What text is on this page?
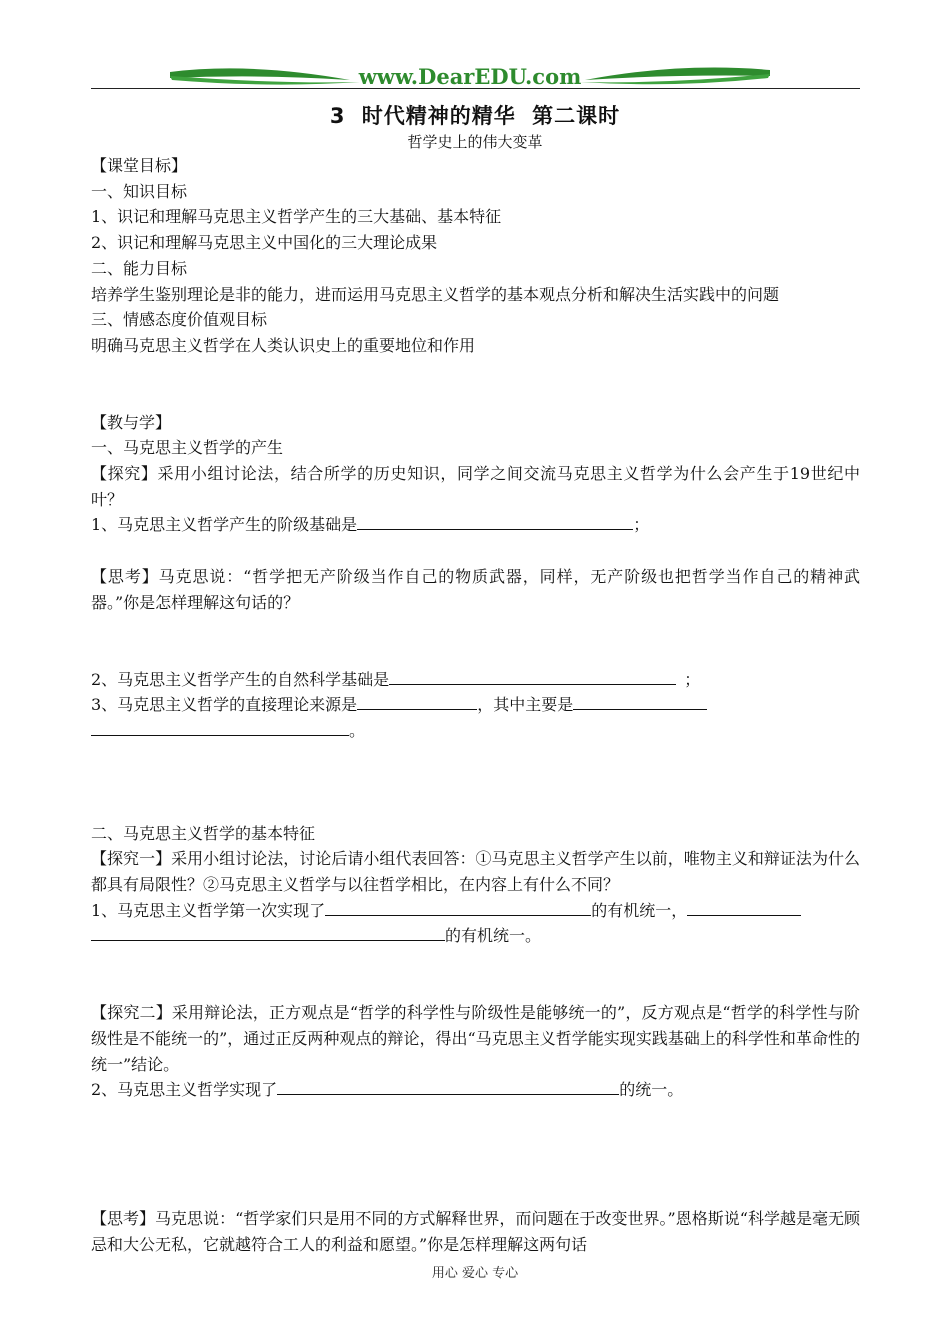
www.DearEDU.com
3 时代精神的精华 第二课时
哲学史上的伟大变革

【课堂目标】

一、知识目标

1、识记和理解马克思主义哲学产生的三大基础、基本特征

2、识记和理解马克思主义中国化的三大理论成果

二、能力目标

培养学生鉴别理论是非的能力，进而运用马克思主义哲学的基本观点分析和解决生活实践中的问题

三、情感态度价值观目标

明确马克思主义哲学在人类认识史上的重要地位和作用

【教与学】

一、马克思主义哲学的产生

【探究】采用小组讨论法，结合所学的历史知识，同学之间交流马克思主义哲学为什么会产生于19世纪中叶？

1、马克思主义哲学产生的阶级基础是	；

【思考】马克思说：“哲学把无产阶级当作自己的物质武器，同样，无产阶级也把哲学当作自己的精神武器。”你是怎样理解这句话的？

2、马克思主义哲学产生的自然科学基础是	；

3、马克思主义哲学的直接理论来源是	，其中主要是

。

二、马克思主义哲学的基本特征

【探究一】采用小组讨论法，讨论后请小组代表回答：①马克思主义哲学产生以前，唯物主义和辩证法为什么都具有局限性？②马克思主义哲学与以往哲学相比，在内容上有什么不同？

1、马克思主义哲学第一次实现了	的有机统一，

的有机统一。

【探究二】采用辩论法，正方观点是“哲学的科学性与阶级性是能够统一的”，反方观点是“哲学的科学性与阶级性是不能统一的”，通过正反两种观点的辩论，得出“马克思主义哲学能实现实践基础上的科学性和革命性的统一”结论。

2、马克思主义哲学实现了	的统一。

【思考】马克思说：“哲学家们只是用不同的方式解释世界，而问题在于改变世界。”恩格斯说“科学越是毫无顾忌和大公无私，它就越符合工人的利益和愿望。”你是怎样理解这两句话

用心 爱心 专心
